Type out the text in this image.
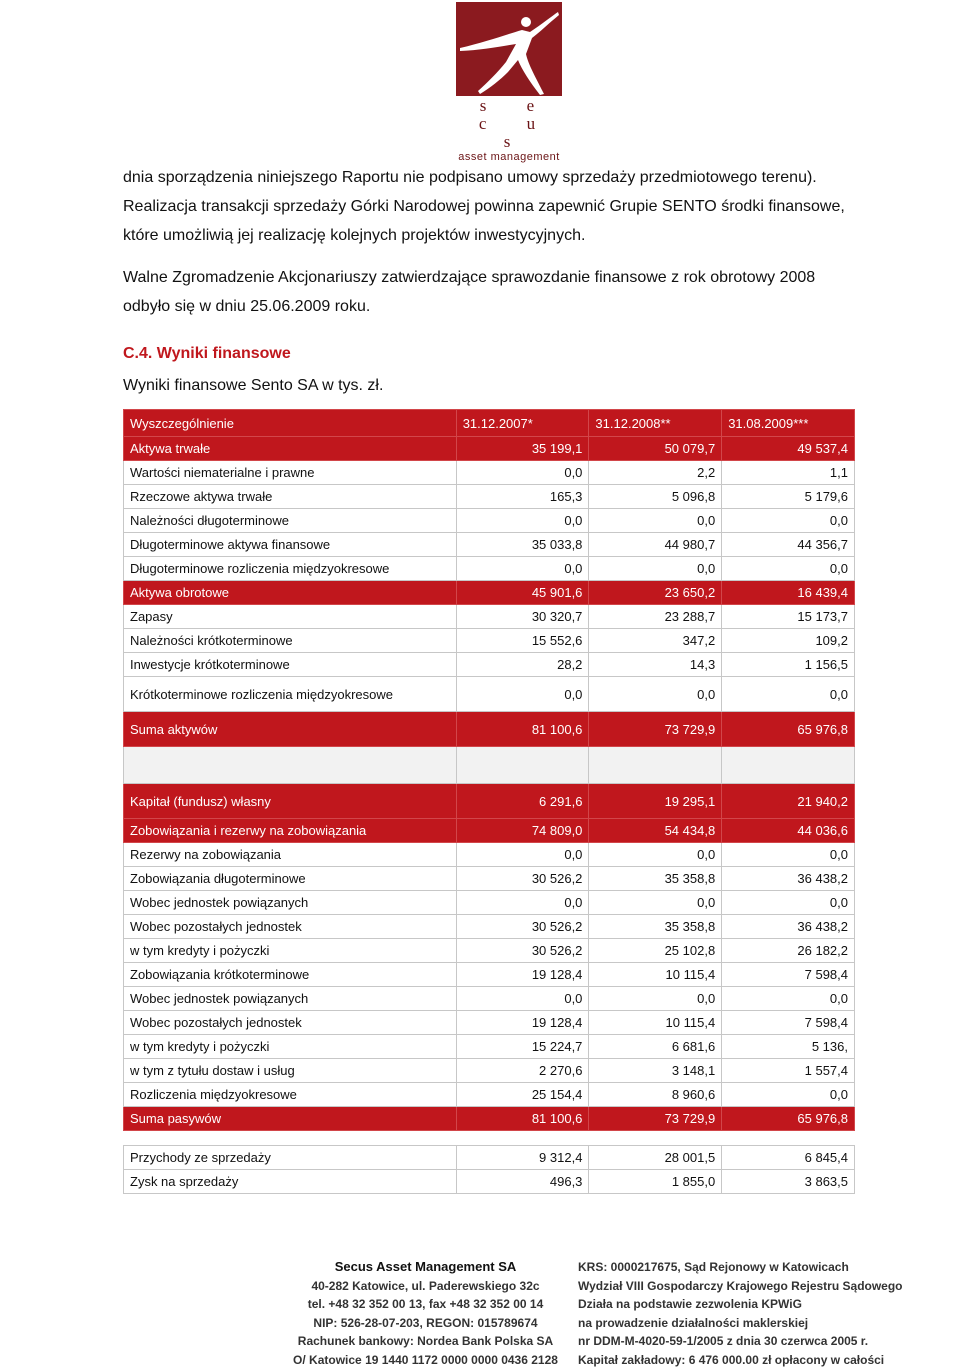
s e c u s
asset management

dnia sporządzenia niniejszego Raportu nie podpisano umowy sprzedaży przedmiotowego terenu).

Realizacja transakcji sprzedaży Górki Narodowej powinna zapewnić Grupie SENTO środki finansowe,

które umożliwią jej realizację kolejnych projektów inwestycyjnych.

Walne Zgromadzenie Akcjonariuszy zatwierdzające sprawozdanie finansowe z rok obrotowy 2008

odbyło się w dniu 25.06.2009 roku.

C.4. Wyniki finansowe
Wyniki finansowe Sento SA w tys. zł.
Wyszczególnienie	31.12.2007*	31.12.2008**	31.08.2009***
Aktywa trwałe	35 199,1	50 079,7	49 537,4
Wartości niematerialne i prawne	0,0	2,2	1,1
Rzeczowe aktywa trwałe	165,3	5 096,8	5 179,6
Należności długoterminowe	0,0	0,0	0,0
Długoterminowe aktywa finansowe	35 033,8	44 980,7	44 356,7
Długoterminowe rozliczenia międzyokresowe	0,0	0,0	0,0
Aktywa obrotowe	45 901,6	23 650,2	16 439,4
Zapasy	30 320,7	23 288,7	15 173,7
Należności krótkoterminowe	15 552,6	347,2	109,2
Inwestycje krótkoterminowe	28,2	14,3	1 156,5
Krótkoterminowe rozliczenia międzyokresowe	0,0	0,0	0,0
Suma aktywów	81 100,6	73 729,9	65 976,8

Kapitał (fundusz) własny	6 291,6	19 295,1	21 940,2
Zobowiązania i rezerwy na zobowiązania	74 809,0	54 434,8	44 036,6
Rezerwy na zobowiązania	0,0	0,0	0,0
Zobowiązania długoterminowe	30 526,2	35 358,8	36 438,2
Wobec jednostek powiązanych	0,0	0,0	0,0
Wobec pozostałych jednostek	30 526,2	35 358,8	36 438,2
w tym kredyty i pożyczki	30 526,2	25 102,8	26 182,2
Zobowiązania krótkoterminowe	19 128,4	10 115,4	7 598,4
Wobec jednostek powiązanych	0,0	0,0	0,0
Wobec pozostałych jednostek	19 128,4	10 115,4	7 598,4
w tym kredyty i pożyczki	15 224,7	6 681,6	5 136,
w tym z tytułu dostaw i usług	2 270,6	3 148,1	1 557,4
Rozliczenia międzyokresowe	25 154,4	8 960,6	0,0
Suma pasywów	81 100,6	73 729,9	65 976,8

Przychody ze sprzedaży	9 312,4	28 001,5	6 845,4
Zysk na sprzedaży	496,3	1 855,0	3 863,5
Secus Asset Management SA
40-282 Katowice, ul. Paderewskiego 32c
tel. +48 32 352 00 13, fax +48 32 352 00 14
NIP: 526-28-07-203, REGON: 015789674
Rachunek bankowy: Nordea Bank Polska SA
O/ Katowice 19 1440 1172 0000 0000 0436 2128
KRS: 0000217675, Sąd Rejonowy w Katowicach
Wydział VIII Gospodarczy Krajowego Rejestru Sądowego
Działa na podstawie zezwolenia KPWiG
na prowadzenie działalności maklerskiej
nr DDM-M-4020-59-1/2005 z dnia 30 czerwca 2005 r.
Kapitał zakładowy: 6 476 000.00 zł opłacony w całości
